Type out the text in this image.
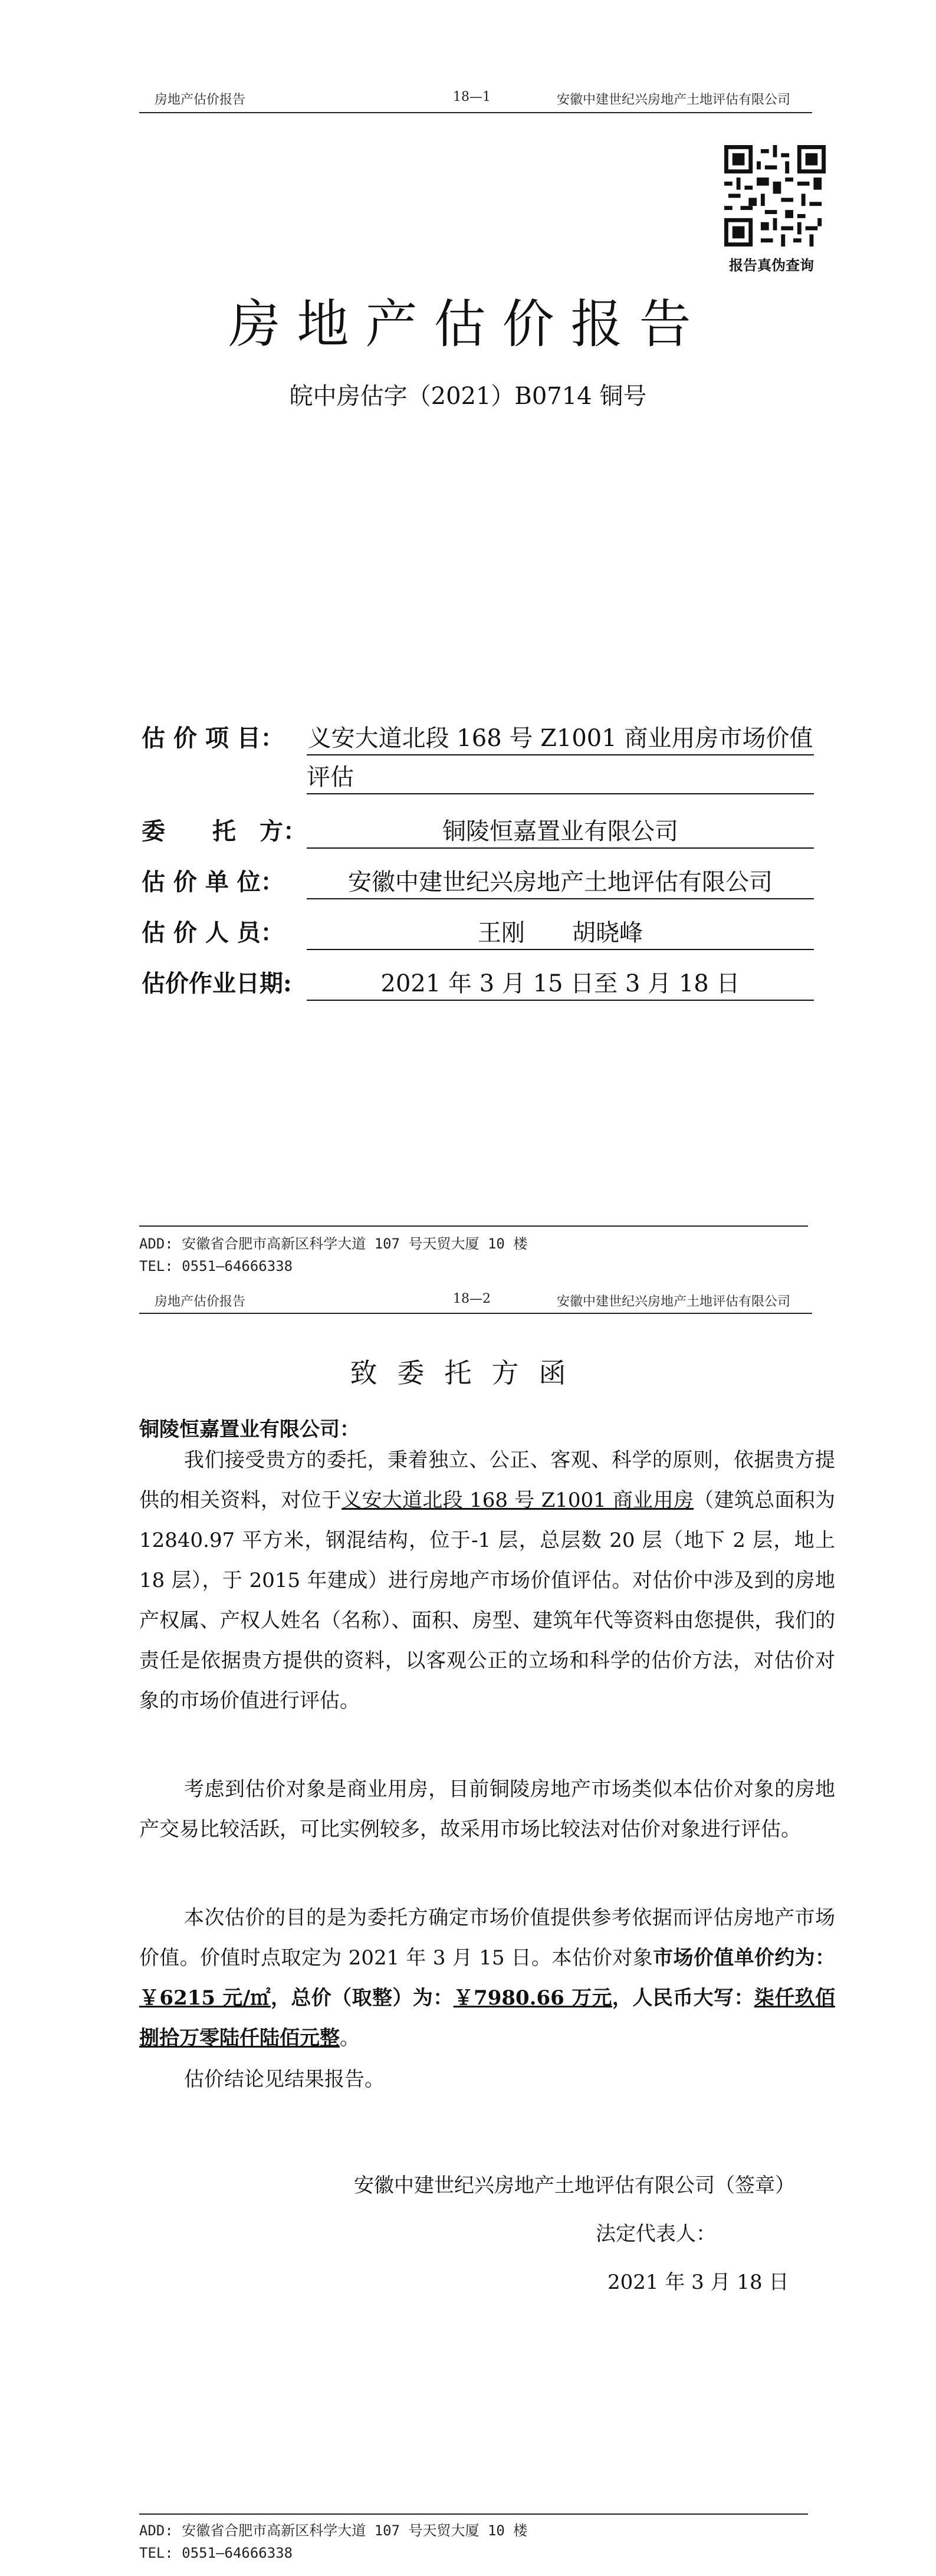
房地产估价报告	18—1	安徽中建世纪兴房地产土地评估有限公司
报告真伪查询
房地产估价报告
皖中房估字（2021）B0714 铜号
估 价 项 目： 义安大道北段 168 号 Z1001 商业用房市场价值
评估
委　　托　方：	铜陵恒嘉置业有限公司
估 价 单 位：	安徽中建世纪兴房地产土地评估有限公司
估 价 人 员：	王刚　　胡晓峰
估价作业日期:	2021 年 3 月 15 日至 3 月 18 日
ADD: 安徽省合肥市高新区科学大道 107 号天贸大厦 10 楼
TEL: 0551—64666338
房地产估价报告	18—2	安徽中建世纪兴房地产土地评估有限公司
致委托方函
铜陵恒嘉置业有限公司：

我们接受贵方的委托，秉着独立、公正、客观、科学的原则，依据贵方提供的相关资料，对位于义安大道北段 168 号 Z1001 商业用房（建筑总面积为 12840.97 平方米，钢混结构，位于-1 层，总层数 20 层（地下 2 层，地上 18 层），于 2015 年建成）进行房地产市场价值评估。对估价中涉及到的房地产权属、产权人姓名（名称）、面积、房型、建筑年代等资料由您提供，我们的责任是依据贵方提供的资料，以客观公正的立场和科学的估价方法，对估价对象的市场价值进行评估。

考虑到估价对象是商业用房，目前铜陵房地产市场类似本估价对象的房地产交易比较活跃，可比实例较多，故采用市场比较法对估价对象进行评估。

本次估价的目的是为委托方确定市场价值提供参考依据而评估房地产市场价值。价值时点取定为 2021 年 3 月 15 日。本估价对象市场价值单价约为：￥6215 元/㎡，总价（取整）为：￥7980.66 万元，人民币大写：柒仟玖佰捌拾万零陆仟陆佰元整。

估价结论见结果报告。

安徽中建世纪兴房地产土地评估有限公司（签章）
法定代表人：
2021 年 3 月 18 日
ADD: 安徽省合肥市高新区科学大道 107 号天贸大厦 10 楼
TEL: 0551—64666338
